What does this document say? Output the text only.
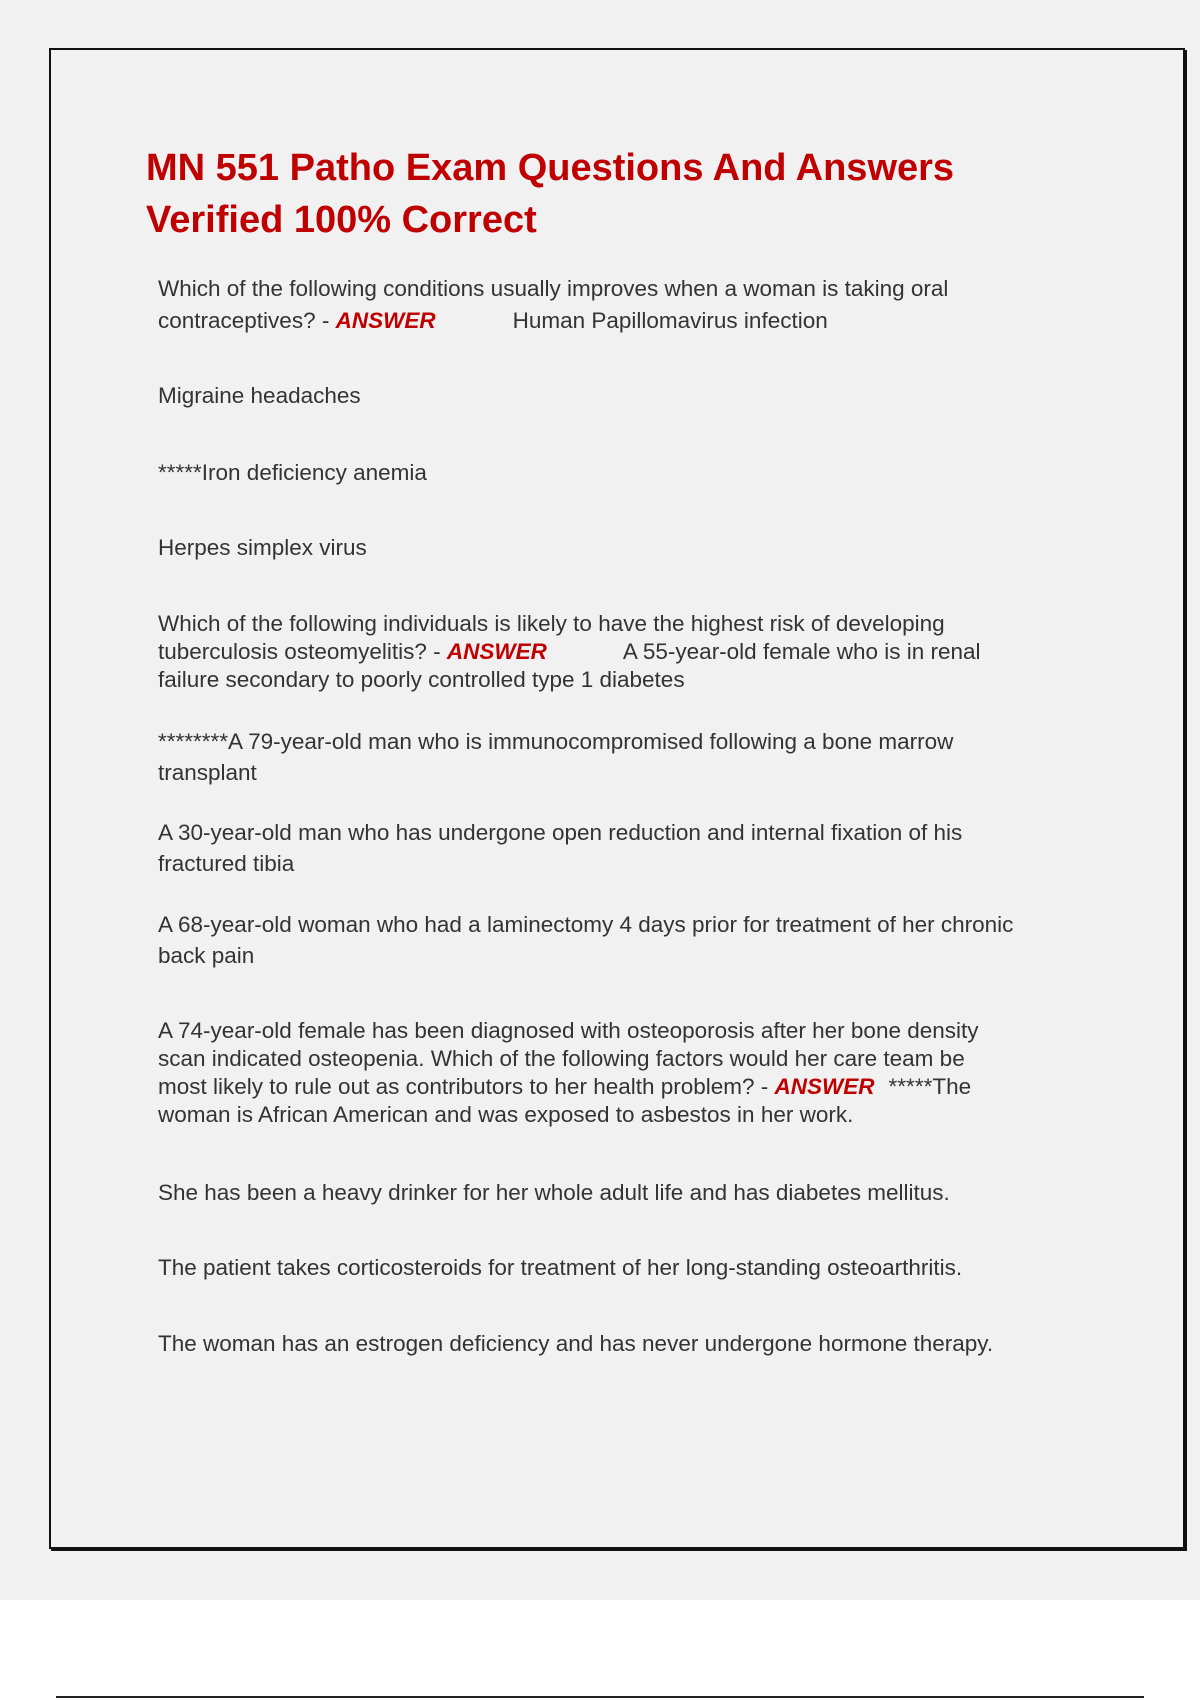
MN 551 Patho Exam Questions And Answers
Verified 100% Correct
Which of the following conditions usually improves when a woman is taking oral
contraceptives? - ANSWER	Human Papillomavirus infection
Migraine headaches
*****Iron deficiency anemia
Herpes simplex virus
Which of the following individuals is likely to have the highest risk of developing
tuberculosis osteomyelitis? - ANSWER	A 55-year-old female who is in renal
failure secondary to poorly controlled type 1 diabetes
********A 79-year-old man who is immunocompromised following a bone marrow
transplant
A 30-year-old man who has undergone open reduction and internal fixation of his
fractured tibia
A 68-year-old woman who had a laminectomy 4 days prior for treatment of her chronic
back pain
A 74-year-old female has been diagnosed with osteoporosis after her bone density
scan indicated osteopenia. Which of the following factors would her care team be
most likely to rule out as contributors to her health problem? - ANSWER *****The
woman is African American and was exposed to asbestos in her work.
She has been a heavy drinker for her whole adult life and has diabetes mellitus.
The patient takes corticosteroids for treatment of her long-standing osteoarthritis.
The woman has an estrogen deficiency and has never undergone hormone therapy.
